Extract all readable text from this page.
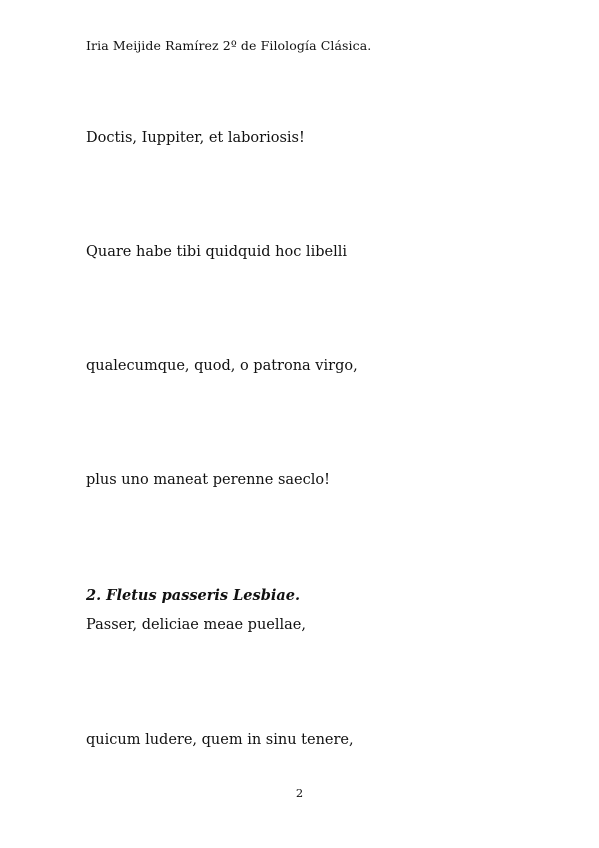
Iria Meijide Ramírez 2º de Filología Clásica.
Doctis, Iuppiter, et laboriosis!
Quare habe tibi quidquid hoc libelli
qualecumque, quod, o patrona virgo,
plus uno maneat perenne saeclo!
2. Fletus passeris Lesbiae.
Passer, deliciae meae puellae,
quicum ludere, quem in sinu tenere,
2
